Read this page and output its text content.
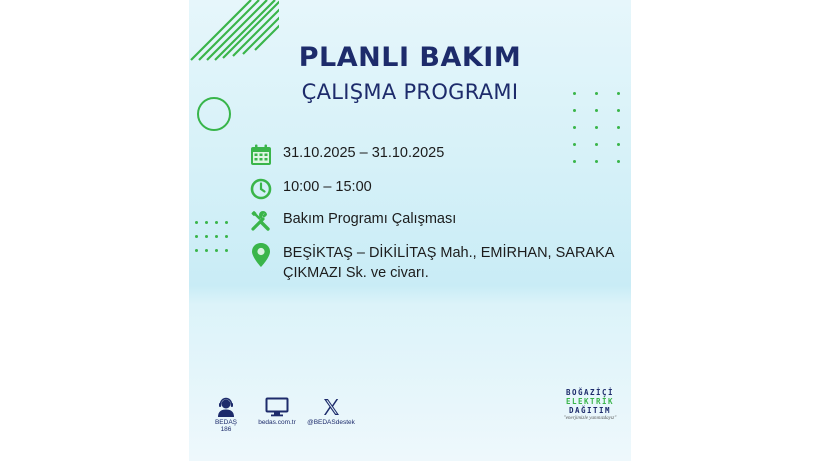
PLANLI BAKIM
ÇALIŞMA PROGRAMI
31.10.2025 – 31.10.2025
10:00 – 15:00
Bakım Programı Çalışması
BEŞİKTAŞ – DİKİLİTAŞ Mah., EMİRHAN, SARAKA
ÇIKMAZI Sk. ve civarı.
BEDAŞ 186
bedas.com.tr	@BEDASdestek
BOĞAZİÇİ
ELEKTRİK
DAĞITIM
"enerjimizle yanınızdayız"
